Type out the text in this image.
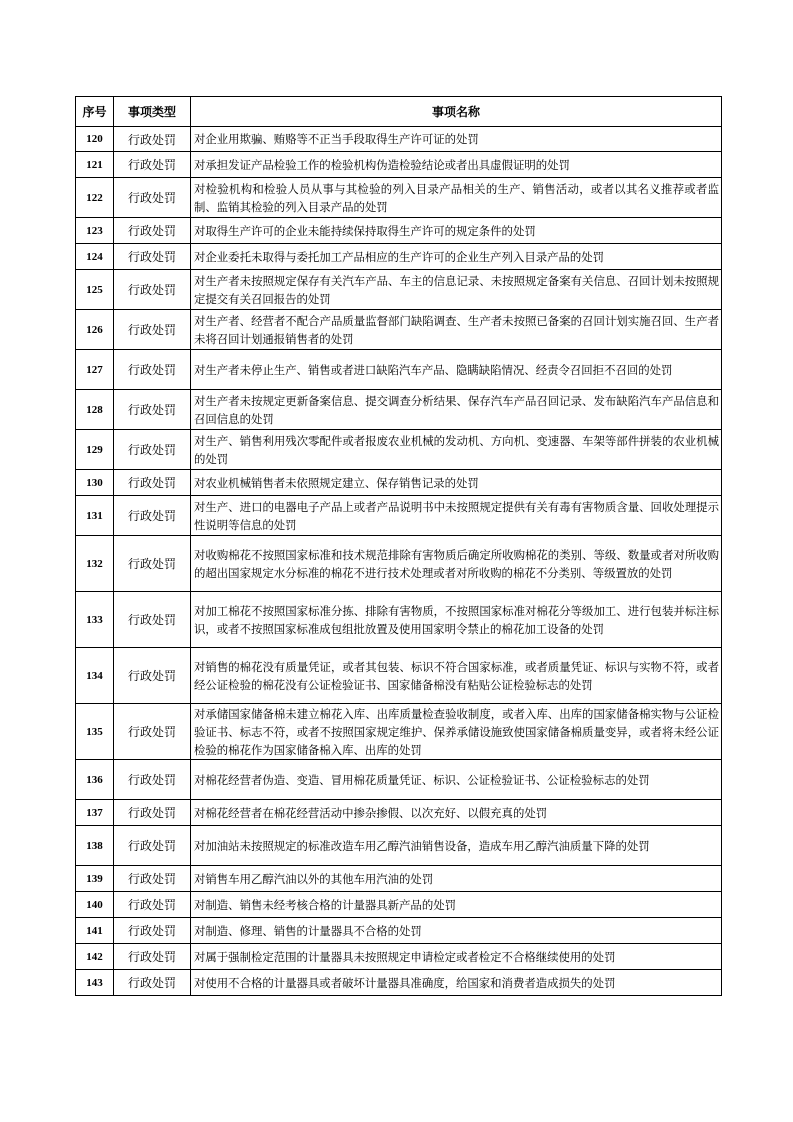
序号	事项类型	事项名称
120	行政处罚	对企业用欺骗、贿赂等不正当手段取得生产许可证的处罚
121	行政处罚	对承担发证产品检验工作的检验机构伪造检验结论或者出具虚假证明的处罚
122	行政处罚	对检验机构和检验人员从事与其检验的列入目录产品相关的生产、销售活动，或者以其名义推荐或者监制、监销其检验的列入目录产品的处罚
123	行政处罚	对取得生产许可的企业未能持续保持取得生产许可的规定条件的处罚
124	行政处罚	对企业委托未取得与委托加工产品相应的生产许可的企业生产列入目录产品的处罚
125	行政处罚	对生产者未按照规定保存有关汽车产品、车主的信息记录、未按照规定备案有关信息、召回计划未按照规定提交有关召回报告的处罚
126	行政处罚	对生产者、经营者不配合产品质量监督部门缺陷调查、生产者未按照已备案的召回计划实施召回、生产者未将召回计划通报销售者的处罚
127	行政处罚	对生产者未停止生产、销售或者进口缺陷汽车产品、隐瞒缺陷情况、经责令召回拒不召回的处罚
128	行政处罚	对生产者未按规定更新备案信息、提交调查分析结果、保存汽车产品召回记录、发布缺陷汽车产品信息和召回信息的处罚
129	行政处罚	对生产、销售利用残次零配件或者报废农业机械的发动机、方向机、变速器、车架等部件拼装的农业机械的处罚
130	行政处罚	对农业机械销售者未依照规定建立、保存销售记录的处罚
131	行政处罚	对生产、进口的电器电子产品上或者产品说明书中未按照规定提供有关有毒有害物质含量、回收处理提示性说明等信息的处罚
132	行政处罚	对收购棉花不按照国家标准和技术规范排除有害物质后确定所收购棉花的类别、等级、数量或者对所收购的超出国家规定水分标准的棉花不进行技术处理或者对所收购的棉花不分类别、等级置放的处罚
133	行政处罚	对加工棉花不按照国家标准分拣、排除有害物质，不按照国家标准对棉花分等级加工、进行包装并标注标识，或者不按照国家标准成包组批放置及使用国家明令禁止的棉花加工设备的处罚
134	行政处罚	对销售的棉花没有质量凭证，或者其包装、标识不符合国家标准，或者质量凭证、标识与实物不符，或者经公证检验的棉花没有公证检验证书、国家储备棉没有粘贴公证检验标志的处罚
135	行政处罚	对承储国家储备棉未建立棉花入库、出库质量检查验收制度，或者入库、出库的国家储备棉实物与公证检验证书、标志不符，或者不按照国家规定维护、保养承储设施致使国家储备棉质量变异，或者将未经公证检验的棉花作为国家储备棉入库、出库的处罚
136	行政处罚	对棉花经营者伪造、变造、冒用棉花质量凭证、标识、公证检验证书、公证检验标志的处罚
137	行政处罚	对棉花经营者在棉花经营活动中掺杂掺假、以次充好、以假充真的处罚
138	行政处罚	对加油站未按照规定的标准改造车用乙醇汽油销售设备，造成车用乙醇汽油质量下降的处罚
139	行政处罚	对销售车用乙醇汽油以外的其他车用汽油的处罚
140	行政处罚	对制造、销售未经考核合格的计量器具新产品的处罚
141	行政处罚	对制造、修理、销售的计量器具不合格的处罚
142	行政处罚	对属于强制检定范围的计量器具未按照规定申请检定或者检定不合格继续使用的处罚
143	行政处罚	对使用不合格的计量器具或者破坏计量器具准确度，给国家和消费者造成损失的处罚
